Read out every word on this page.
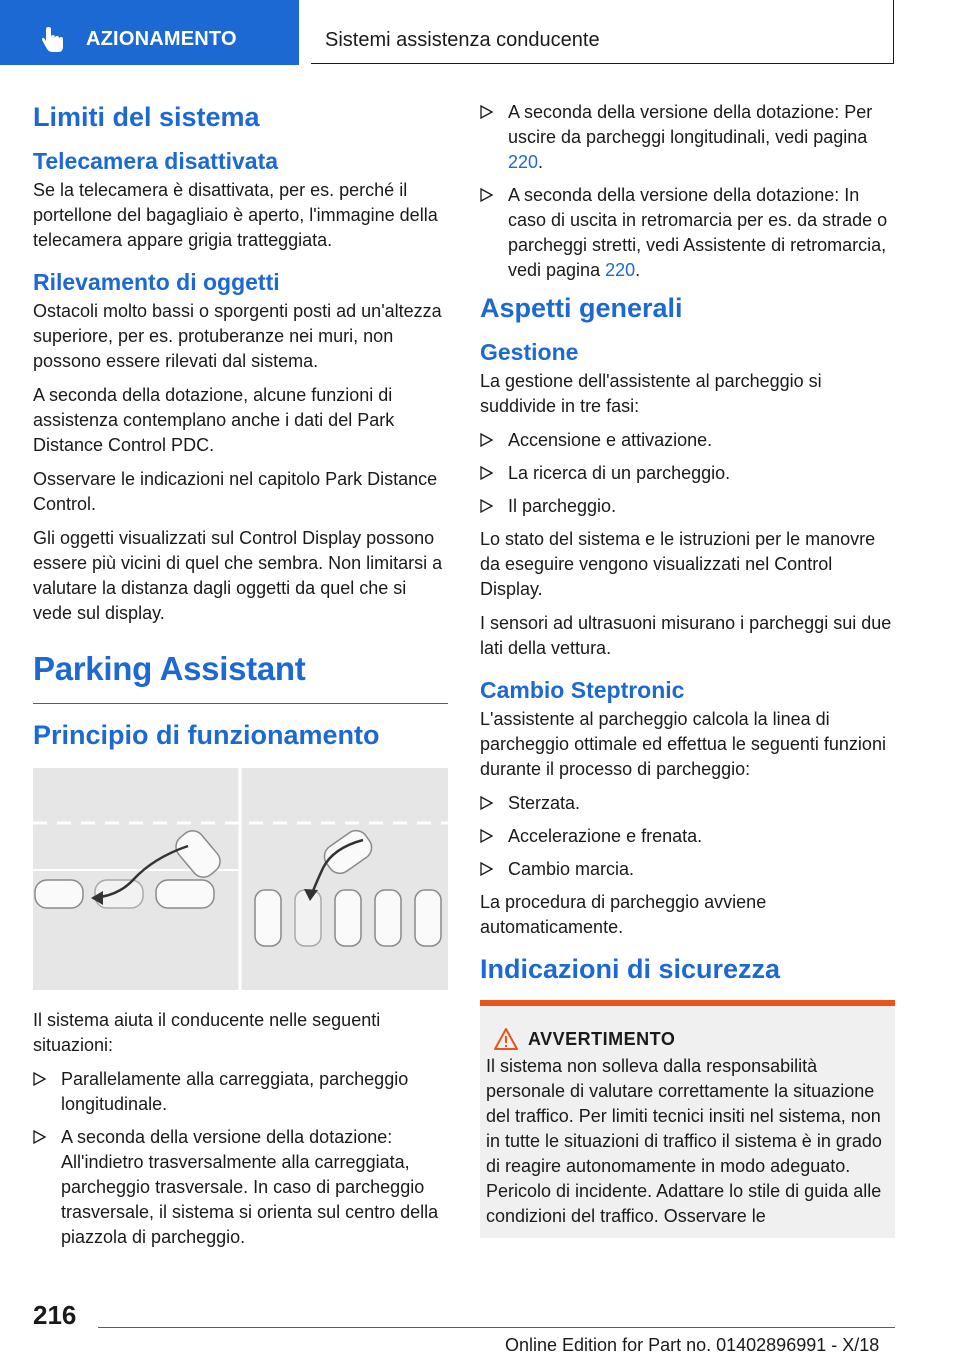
AZIONAMENTO	Sistemi assistenza conducente
Limiti del sistema
Telecamera disattivata

Se la telecamera è disattivata, per es. perché il portellone del bagagliaio è aperto, l'immagine della telecamera appare grigia tratteggiata.

Rilevamento di oggetti

Ostacoli molto bassi o sporgenti posti ad un'altezza superiore, per es. protuberanze nei muri, non possono essere rilevati dal sistema.

A seconda della dotazione, alcune funzioni di assistenza contemplano anche i dati del Park Distance Control PDC.

Osservare le indicazioni nel capitolo Park Distance Control.

Gli oggetti visualizzati sul Control Display possono essere più vicini di quel che sembra. Non limitarsi a valutare la distanza dagli oggetti da quel che si vede sul display.

Parking Assistant
Principio di funzionamento

Il sistema aiuta il conducente nelle seguenti situazioni:

Parallelamente alla carreggiata, parcheggio longitudinale.
A seconda della versione della dotazione: All'indietro trasversalmente alla carreggiata, parcheggio trasversale. In caso di parcheggio trasversale, il sistema si orienta sul centro della piazzola di parcheggio.
A seconda della versione della dotazione: Per uscire da parcheggi longitudinali, vedi pagina 220.
A seconda della versione della dotazione: In caso di uscita in retromarcia per es. da strade o parcheggi stretti, vedi Assistente di retromarcia, vedi pagina 220.
Aspetti generali
Gestione

La gestione dell'assistente al parcheggio si suddivide in tre fasi:

Accensione e attivazione.
La ricerca di un parcheggio.
Il parcheggio.

Lo stato del sistema e le istruzioni per le manovre da eseguire vengono visualizzati nel Control Display.

I sensori ad ultrasuoni misurano i parcheggi sui due lati della vettura.

Cambio Steptronic

L'assistente al parcheggio calcola la linea di parcheggio ottimale ed effettua le seguenti funzioni durante il processo di parcheggio:

Sterzata.
Accelerazione e frenata.
Cambio marcia.

La procedura di parcheggio avviene automaticamente.

Indicazioni di sicurezza
AVVERTIMENTO

Il sistema non solleva dalla responsabilità personale di valutare correttamente la situazione del traffico. Per limiti tecnici insiti nel sistema, non in tutte le situazioni di traffico il sistema è in grado di reagire autonomamente in modo adeguato. Pericolo di incidente. Adattare lo stile di guida alle condizioni del traffico. Osservare le

216
Online Edition for Part no. 01402896991 - X/18
